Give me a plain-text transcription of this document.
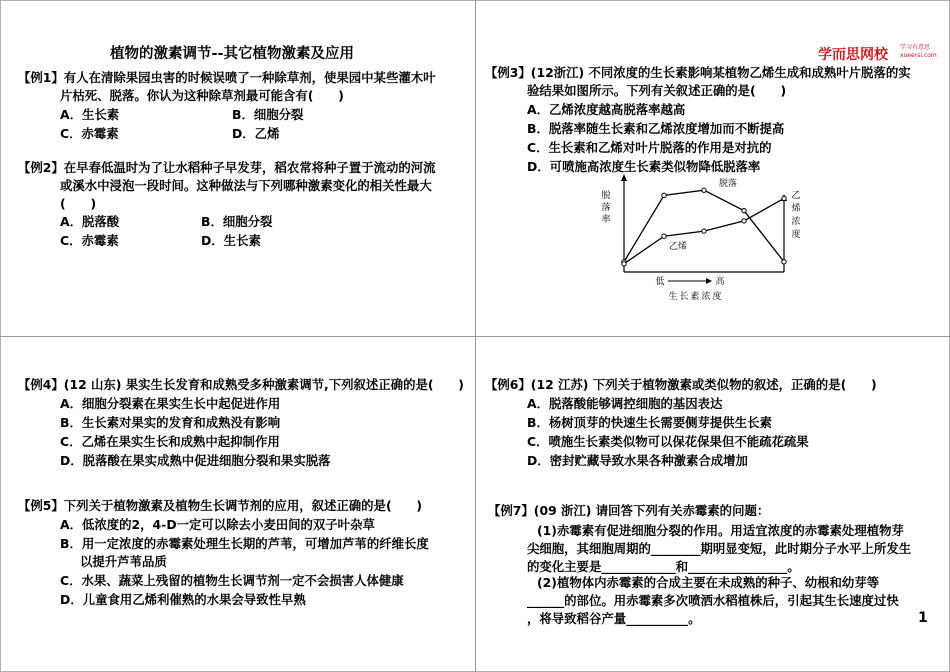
植物的激素调节--其它植物激素及应用
【例1】有人在清除果园虫害的时候误喷了一种除草剂，使果园中某些灌木叶
片枯死、脱落。你认为这种除草剂最可能含有(　　)
A．生长素	B．细胞分裂
C．赤霉素	D．乙烯
【例2】在早春低温时为了让水稻种子早发芽，稻农常将种子置于流动的河流
或溪水中浸泡一段时间。这种做法与下列哪种激素变化的相关性最大
(　　)
A．脱落酸	B．细胞分裂
C．赤霉素	D．生长素
学而思网校 学习有意思
xueersi.com
【例3】(12浙江) 不同浓度的生长素影响某植物乙烯生成和成熟叶片脱落的实
验结果如图所示。下列有关叙述正确的是(　　)
A．乙烯浓度越高脱落率越高
B．脱落率随生长素和乙烯浓度增加而不断提高
C．生长素和乙烯对叶片脱落的作用是对抗的
D．可喷施高浓度生长素类似物降低脱落率
脱落
乙烯
脱
落
率
乙
烯
浓
度
低	高
生长素浓度
【例4】(12 山东) 果实生长发育和成熟受多种激素调节,下列叙述正确的是(　　)
A．细胞分裂素在果实生长中起促进作用
B．生长素对果实的发育和成熟没有影响
C．乙烯在果实生长和成熟中起抑制作用
D．脱落酸在果实成熟中促进细胞分裂和果实脱落
【例5】下列关于植物激素及植物生长调节剂的应用，叙述正确的是(　　)
A．低浓度的2，4-D一定可以除去小麦田间的双子叶杂草
B．用一定浓度的赤霉素处理生长期的芦苇，可增加芦苇的纤维长度
以提升芦苇品质
C．水果、蔬菜上残留的植物生长调节剂一定不会损害人体健康
D．儿童食用乙烯利催熟的水果会导致性早熟
【例6】(12 江苏) 下列关于植物激素或类似物的叙述，正确的是(　　)
A．脱落酸能够调控细胞的基因表达
B．杨树顶芽的快速生长需要侧芽提供生长素
C．喷施生长素类似物可以保花保果但不能疏花疏果
D．密封贮藏导致水果各种激素合成增加
【例7】(09 浙江) 请回答下列有关赤霉素的问题：
(1)赤霉素有促进细胞分裂的作用。用适宜浓度的赤霉素处理植物芽
尖细胞，其细胞周期的________期明显变短，此时期分子水平上所发生
的变化主要是____________和________________。
(2)植物体内赤霉素的合成主要在未成熟的种子、幼根和幼芽等
______的部位。用赤霉素多次喷洒水稻植株后，引起其生长速度过快
，将导致稻谷产量__________。	1
